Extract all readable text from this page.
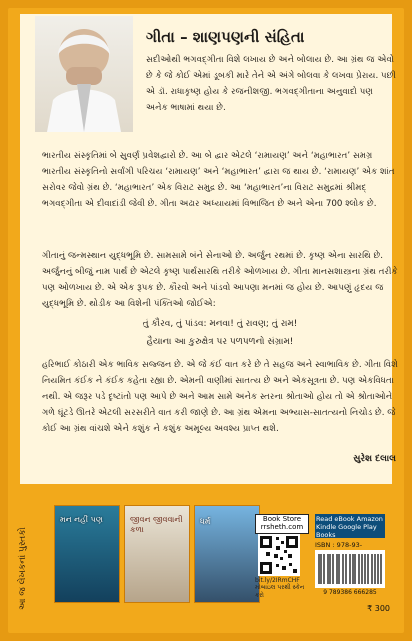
ગીતા – શાણપણની સંહિતા
સદીઓથી ભગવદ્ગીતા વિશે લખાય છે અને બોલાય છે. આ ગ્રંથ જ એવો છે કે જે કોઈ એમાં ડૂબકી મારે તેને એ અંગે બોલવા કે લખવા પ્રેરાય. પછી એ ડૉ. રાધાકૃષ્ણ હોય કે રજનીશજી. ભગવદ્ગીતાના અનુવાદો પણ અનેક ભાષામાં થયા છે.
ભારતીય સંસ્કૃતિમાં બે સુવર્ણ પ્રવેશદ્વારો છે. આ બે દ્વાર એટલે ‘રામાયણ’ અને ‘મહાભારત’ સમગ્ર ભારતીય સંસ્કૃતિનો સર્વાંગી પરિચય ‘રામાયણ’ અને ‘મહાભારત’ દ્વારા જ થાય છે. ‘રામાયણ’ એક શાંત સરોવર જેવો ગ્રંથ છે. ‘મહાભારત’ એક વિરાટ સમુદ્ર છે. આ ‘મહાભારત’ના વિરાટ સમુદ્રમાં શ્રીમદ્ ભગવદ્ગીતા એ દીવાદાંડી જેવી છે. ગીતા અઢાર અધ્યાયમાં વિભાજિત છે અને એના 700 શ્લોક છે.
ગીતાનું જન્મસ્થાન યુદ્ધભૂમિ છે. સામસામે બંને સેનાઓ છે. અર્જુન રથમાં છે. કૃષ્ણ એના સારથિ છે. અર્જુનનું બીજું નામ પાર્થ છે એટલે કૃષ્ણ પાર્થસારથિ તરીકે ઓળખાય છે. ગીતા માનસશાસ્ત્રના ગ્રંથ તરીકે પણ ઓળખાય છે. એ એક રૂપક છે. કૌરવો અને પાંડવો આપણા મનમાં જ હોય છે. આપણું હૃદય જ યુદ્ધભૂમિ છે. થોડીક આ વિશેની પંક્તિઓ જોઈએ:
તું કૌરવ, તું પાંડવ: મનવા! તું રાવણ; તું રામ!
હૈયાના આ કુરુક્ષેત્ર પર પળપળનો સંગ્રામ!
હરિભાઈ કોઠારી એક ભાવિક સજ્જન છે. એ જે કંઈ વાત કરે છે તે સહજ અને સ્વાભાવિક છે. ગીતા વિશે નિયમિત કંઈક ને કંઈક કહેતા રહ્યા છે. એમની વાણીમાં સાતત્ય છે અને એકસૂત્રતા છે. પણ એકવિધતા નથી. એ જરૂર પડે દૃષ્ટાંતો પણ આપે છે અને આમ સામે અનેક સ્તરના શ્રોતાઓ હોય તો એ શ્રોતાઓને ગળે ઘૂંટડે ઊતરે એટલી સરસરીતે વાત કરી જાણે છે. આ ગ્રંથ એમના અભ્યાસ-સાતત્યનો નિચોડ છે. જે કોઈ આ ગ્રંથ વાંચશે એને કશુંક ને કશુંક અમૂલ્ય અવશ્ય પ્રાપ્ત થશે.
સુરેશ દલાલ
આ જ લેખકનાં પુસ્તકો
મન નહીં પણ	જીવન જીવવાની કળા
ધર્મ	Book Store rrsheth.com
bit.ly/2IRmCHF
મોબાઇલ પરથી સ્કેન કરો
Read eBook Amazon Kindle Google Play Books
ISBN : 978-93-
9 789386 666285
₹ 300
